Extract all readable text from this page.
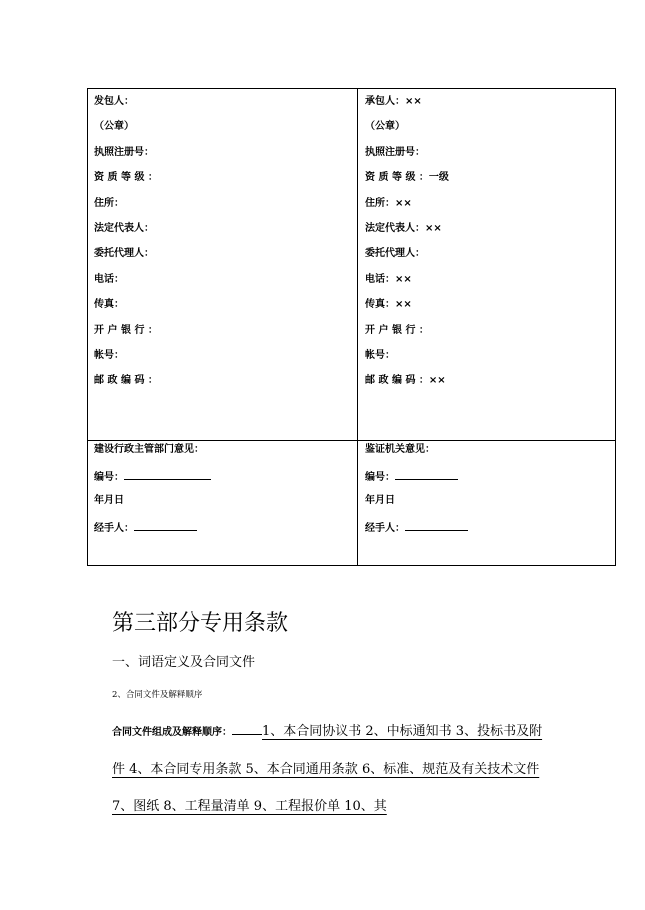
发包人：
（公章）
执照注册号：
资 质 等 级 ：
住所：
法定代表人：
委托代理人：
电话：
传真：
开 户 银 行 ：
帐号：
邮 政 编 码 ：
承包人：××
（公章）
执照注册号：
资 质 等 级 ：一级
住所：××
法定代表人：××
委托代理人：
电话：××
传真：××
开 户 银 行 ：
帐号：
邮 政 编 码 ：××
建设行政主管部门意见：
编号：
年月日
经手人：
鉴证机关意见：
编号：
年月日
经手人：
第三部分专用条款
一、词语定义及合同文件
2、合同文件及解释顺序
合同文件组成及解释顺序： 1、本合同协议书 2、中标通知书 3、投标书及附件 4、本合同专用条款 5、本合同通用条款 6、标准、规范及有关技术文件 7、图纸 8、工程量清单 9、工程报价单 10、其
